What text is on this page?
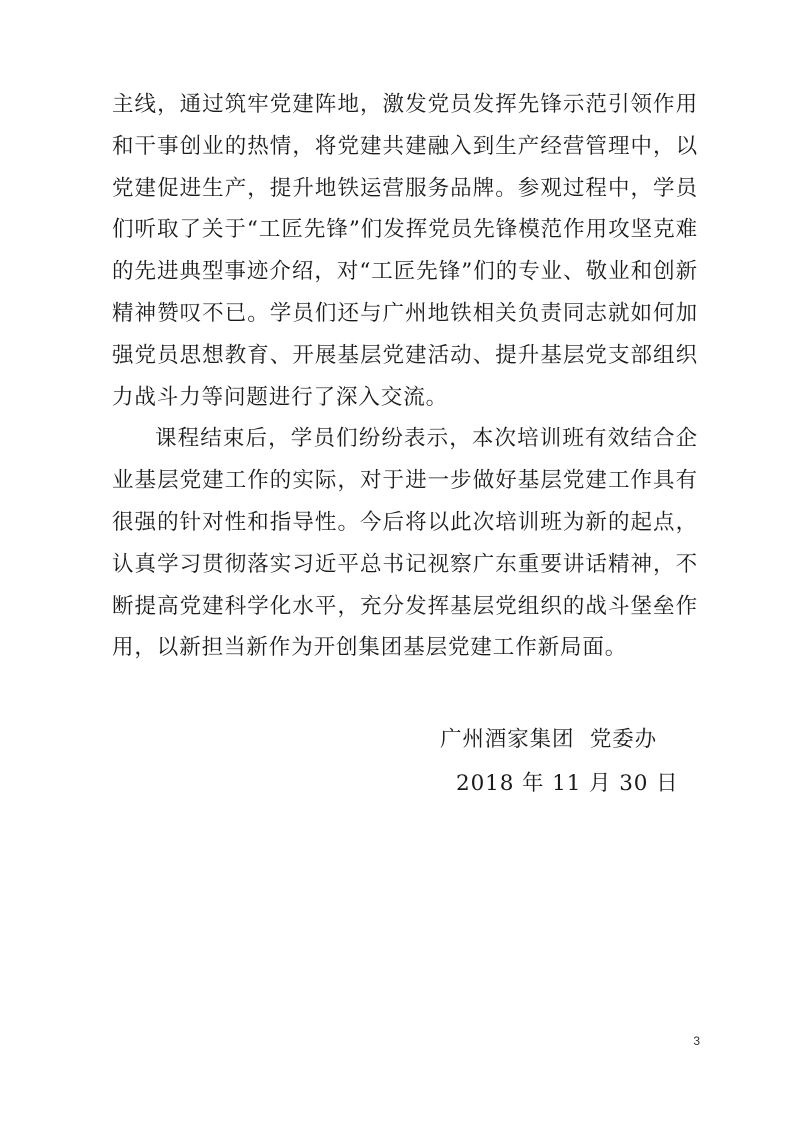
主线，通过筑牢党建阵地，激发党员发挥先锋示范引领作用和干事创业的热情，将党建共建融入到生产经营管理中，以党建促进生产，提升地铁运营服务品牌。参观过程中，学员们听取了关于“工匠先锋”们发挥党员先锋模范作用攻坚克难的先进典型事迹介绍，对“工匠先锋”们的专业、敬业和创新精神赞叹不已。学员们还与广州地铁相关负责同志就如何加强党员思想教育、开展基层党建活动、提升基层党支部组织力战斗力等问题进行了深入交流。

课程结束后，学员们纷纷表示，本次培训班有效结合企业基层党建工作的实际，对于进一步做好基层党建工作具有很强的针对性和指导性。今后将以此次培训班为新的起点，认真学习贯彻落实习近平总书记视察广东重要讲话精神，不断提高党建科学化水平，充分发挥基层党组织的战斗堡垒作用，以新担当新作为开创集团基层党建工作新局面。

广州酒家集团  党委办
2018 年 11 月 30 日
3
